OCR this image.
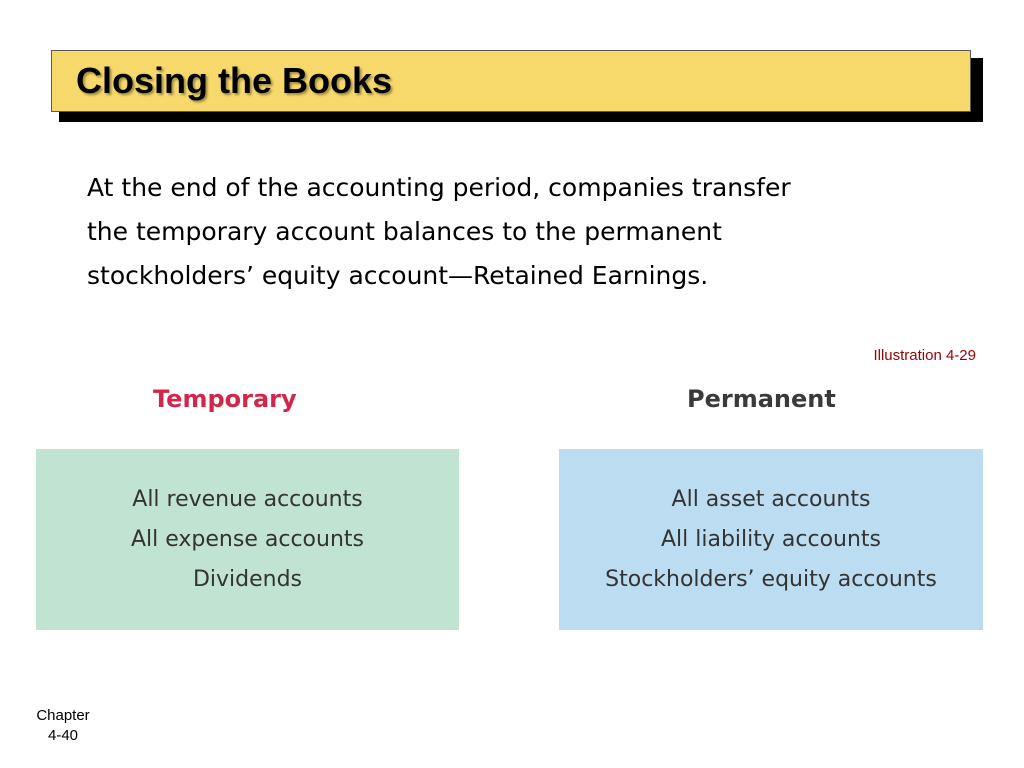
Closing the Books
At the end of the accounting period, companies transfer
the temporary account balances to the permanent
stockholders’ equity account—Retained Earnings.
Illustration 4-29
Temporary	Permanent
All revenue accounts
All expense accounts
Dividends
All asset accounts
All liability accounts
Stockholders’ equity accounts
Chapter
4-40
